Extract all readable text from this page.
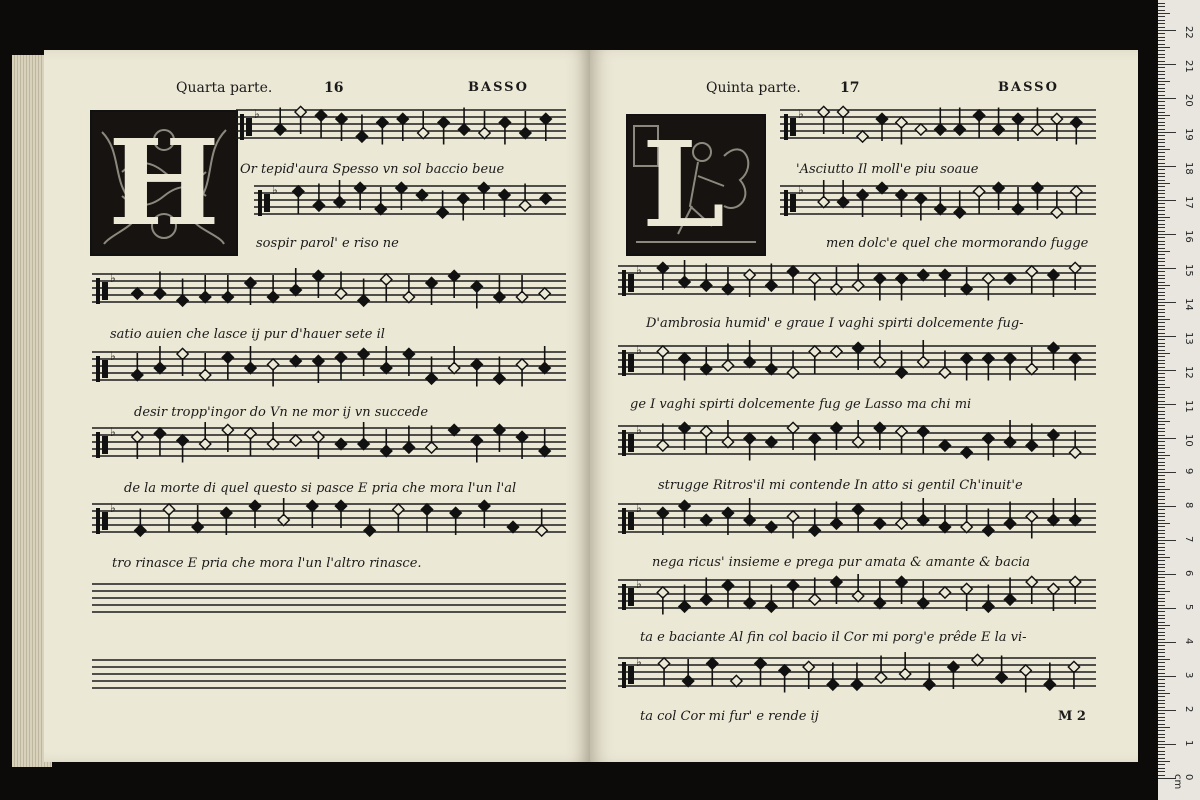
Quarta parte.	16	BASSO
H	♭
♭
♭
♭
♭
♭
Or tepid'aura Spesso vn sol baccio beue
sospir parol' e riso ne
satio auien che lasce ij pur d'hauer sete il
desir tropp'ingor do Vn ne mor ij vn succede
de la morte di quel questo si pasce E pria che mora l'un l'al
tro rinasce E pria che mora l'un l'altro rinasce.
Quinta parte.	17	BASSO
L
♭
♭
♭
♭
♭
♭
♭
♭
'Asciutto Il moll'e piu soaue
men dolc'e quel che mormorando fugge
D'ambrosia humid' e graue I vaghi spirti dolcemente fug-
ge I vaghi spirti dolcemente fug ge Lasso ma chi mi
strugge Ritros'il mi contende In atto si gentil Ch'inuit'e
nega ricus' insieme e prega pur amata & amante & bacia
ta e baciante Al fin col bacio il Cor mi porg'e prêde E la vi-
ta col Cor mi fur' e rende ij	M 2
22
21
20
19
18
17
16
15
14
13
12
11
10
9
8
7
6
5
4
3
2
1
0 cm
